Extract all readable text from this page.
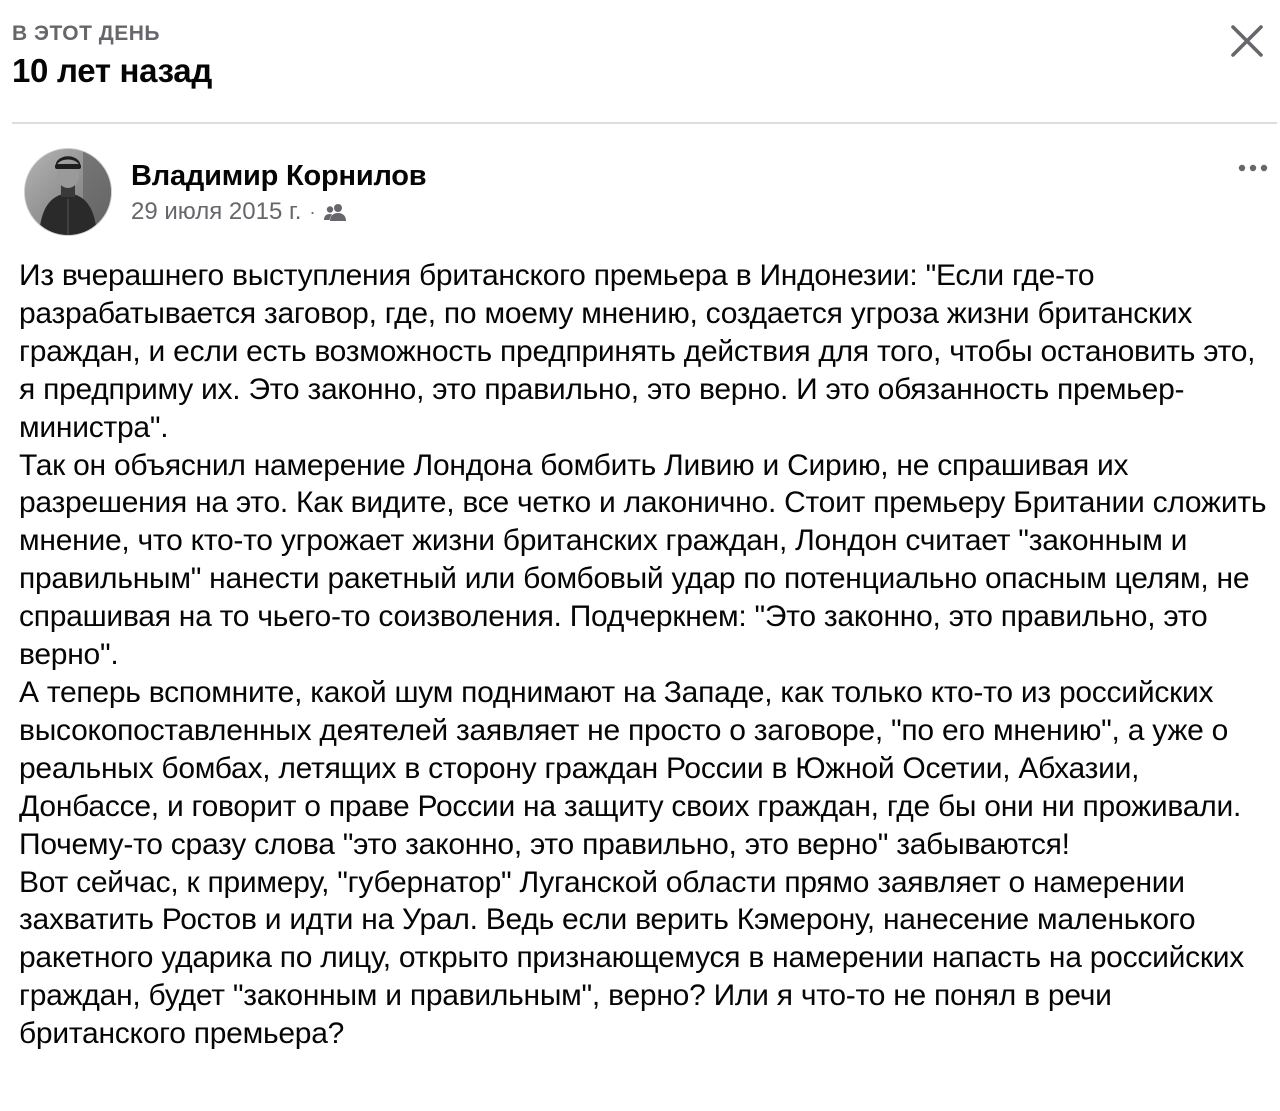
В ЭТОТ ДЕНЬ
10 лет назад
Владимир Корнилов
29 июля 2015 г. ·

Из вчерашнего выступления британского премьера в Индонезии: "Если где-то разрабатывается заговор, где, по моему мнению, создается угроза жизни британских граждан, и если есть возможность предпринять действия для того, чтобы остановить это, я предприму их. Это законно, это правильно, это верно. И это обязанность премьер-министра".

Так он объяснил намерение Лондона бомбить Ливию и Сирию, не спрашивая их разрешения на это. Как видите, все четко и лаконично. Стоит премьеру Британии сложить мнение, что кто-то угрожает жизни британских граждан, Лондон считает "законным и правильным" нанести ракетный или бомбовый удар по потенциально опасным целям, не спрашивая на то чьего-то соизволения. Подчеркнем: "Это законно, это правильно, это верно".

А теперь вспомните, какой шум поднимают на Западе, как только кто-то из российских высокопоставленных деятелей заявляет не просто о заговоре, "по его мнению", а уже о реальных бомбах, летящих в сторону граждан России в Южной Осетии, Абхазии, Донбассе, и говорит о праве России на защиту своих граждан, где бы они ни проживали. Почему-то сразу слова "это законно, это правильно, это верно" забываются!

Вот сейчас, к примеру, "губернатор" Луганской области прямо заявляет о намерении захватить Ростов и идти на Урал. Ведь если верить Кэмерону, нанесение маленького ракетного ударика по лицу, открыто признающемуся в намерении напасть на российских граждан, будет "законным и правильным", верно? Или я что-то не понял в речи британского премьера?
